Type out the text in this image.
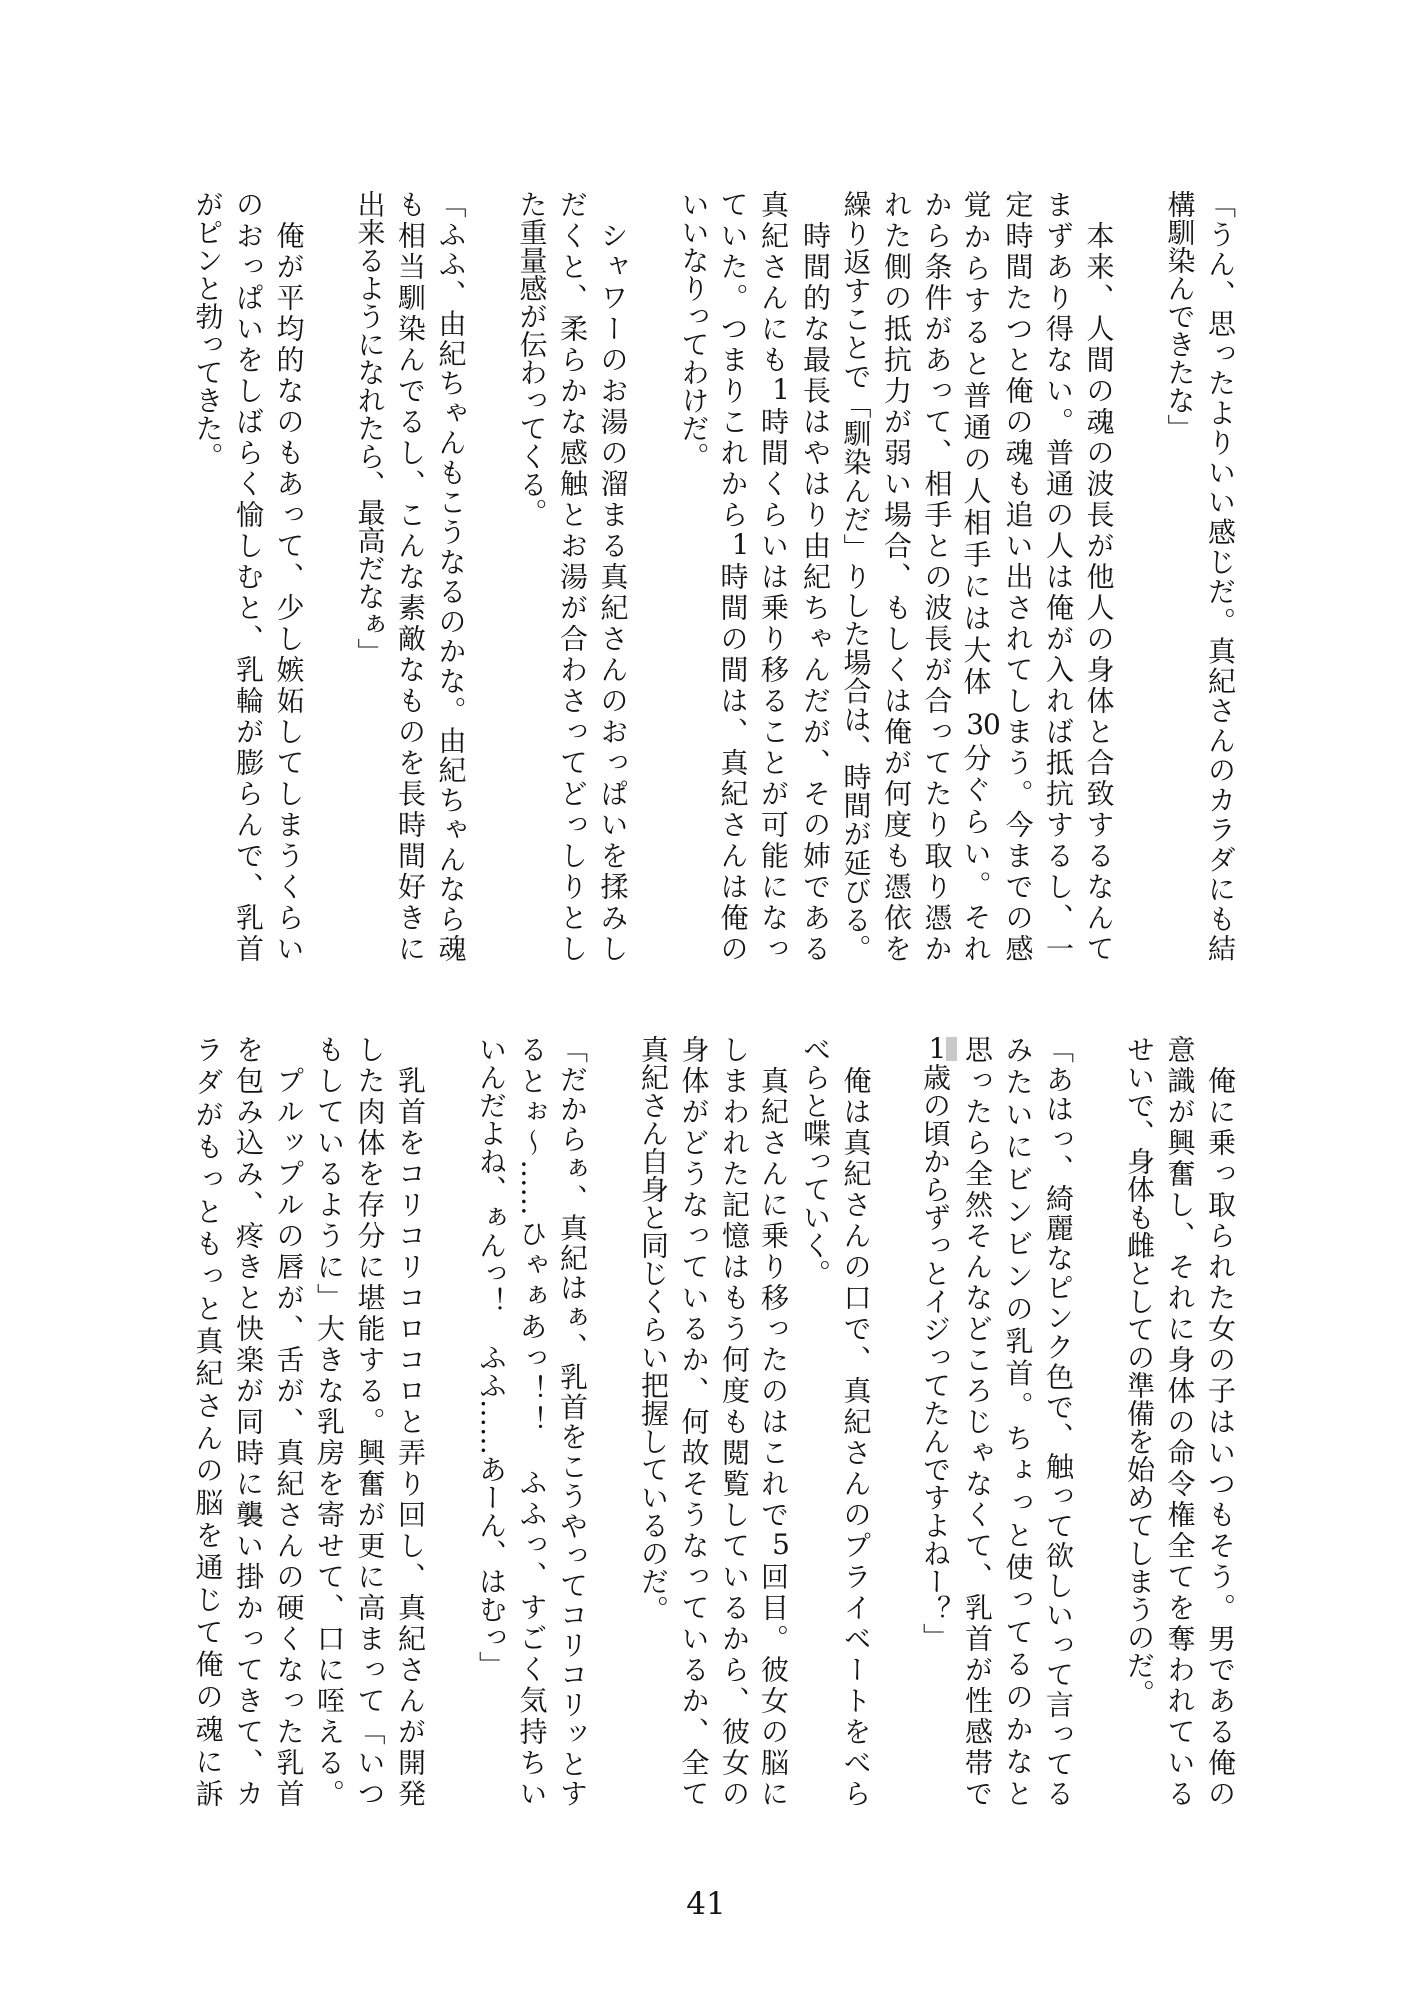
「うん、思ったよりいい感じだ。真紀さんのカラダにも結

構馴染んできたな」

　本来、人間の魂の波長が他人の身体と合致するなんて

まずあり得ない。普通の人は俺が入れば抵抗するし、一

定時間たつと俺の魂も追い出されてしまう。今までの感

覚からすると普通の人相手には大体 30分ぐらい。それ

から条件があって、相手との波長が合ってたり取り憑か

れた側の抵抗力が弱い場合、もしくは俺が何度も憑依を

繰り返すことで「馴染んだ」りした場合は、時間が延びる。

　時間的な最長はやはり由紀ちゃんだが、その姉である

真紀さんにも1時間くらいは乗り移ることが可能になっ

ていた。つまりこれから1時間の間は、真紀さんは俺の

いいなりってわけだ。

　シャワーのお湯の溜まる真紀さんのおっぱいを揉みし

だくと、柔らかな感触とお湯が合わさってどっしりとし

た重量感が伝わってくる。

「ふふ、由紀ちゃんもこうなるのかな。由紀ちゃんなら魂

も相当馴染んでるし、こんな素敵なものを長時間好きに

出来るようになれたら、最高だなぁ」

　俺が平均的なのもあって、少し嫉妬してしまうくらい

のおっぱいをしばらく愉しむと、乳輪が膨らんで、乳首

がピンと勃ってきた。

　俺に乗っ取られた女の子はいつもそう。男である俺の

意識が興奮し、それに身体の命令権全てを奪われている

せいで、身体も雌としての準備を始めてしまうのだ。

「あはっ、綺麗なピンク色で、触って欲しいって言ってる

みたいにビンビンの乳首。ちょっと使ってるのかなと

思ったら全然そんなどころじゃなくて、乳首が性感帯で

1
歳の頃からずっとイジってたんですよねー？」

　俺は真紀さんの口で、真紀さんのプライベートをべら

べらと喋っていく。

　真紀さんに乗り移ったのはこれで5回目。彼女の脳に

しまわれた記憶はもう何度も閲覧しているから、彼女の

身体がどうなっているか、何故そうなっているか、全て

真紀さん自身と同じくらい把握しているのだ。

「だからぁ、真紀はぁ、乳首をこうやってコリコリッとす

るとぉ〜……ひゃぁあっ！！　ふふっ、すごく気持ちい

いんだよね、ぁんっ！　ふふ……あーん、はむっ」

　乳首をコリコリコロコロと弄り回し、真紀さんが開発

した肉体を存分に堪能する。興奮が更に高まって「いつ

もしているように」大きな乳房を寄せて、口に咥える。

　プルップルの唇が、舌が、真紀さんの硬くなった乳首

を包み込み、疼きと快楽が同時に襲い掛かってきて、カ

ラダがもっともっと真紀さんの脳を通じて俺の魂に訴

41
